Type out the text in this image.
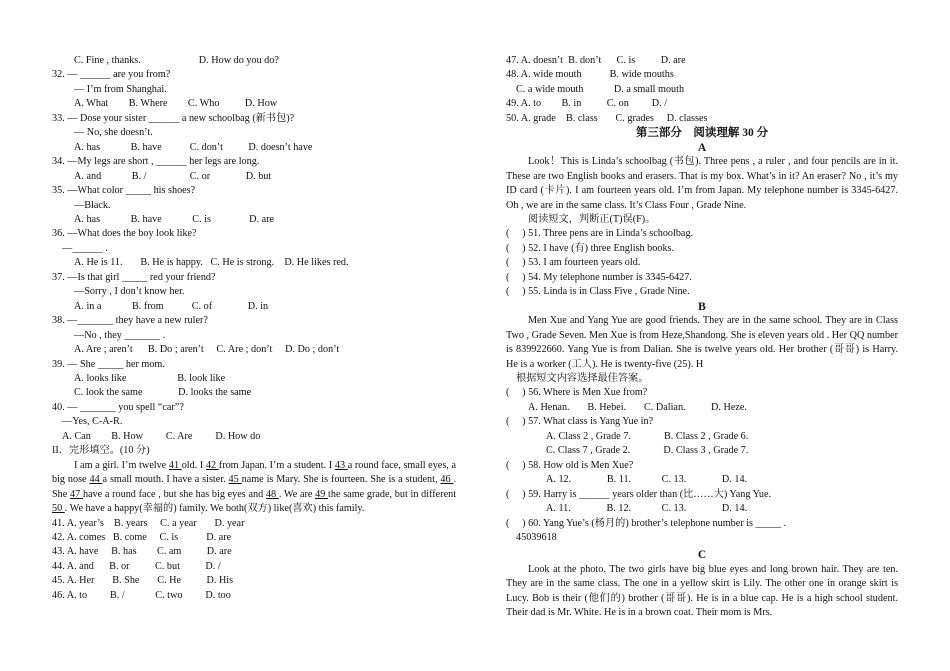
C. Fine , thanks.	D. How do you do?
32. — ______ are you from?
— I’m from Shanghai.
A. What        B. Where        C. Who          D. How
33. — Dose your sister ______ a new schoolbag (新书包)?
— No, she doesn’t.
A. has            B. have           C. don’t          D. doesn’t have
34. —My legs are short , ______ her legs are long.
A. and            B. /                 C. or              D. but
35. —What color _____ his shoes?
—Black.
A. has            B. have            C. is               D. are
36. —What does the boy look like?
—______ .
A. He is 11.       B. He is happy.   C. He is strong.    D. He likes red.
37. —Is that girl _____ red your friend?
—Sorry , I don’t know her.
A. in a            B. from           C. of              D. in
38. —_______ they have a new ruler?
—No , they _______ .
A. Are ; aren’t      B. Do ; aren’t     C. Are ; don’t     D. Do ; don’t
39. — She _____ her mom.
A. looks like                    B. look like
C. look the same              D. looks the same
40. — _______ you spell “car”?
—Yes, C-A-R.
A. Can        B. How         C. Are         D. How do
II．完形填空。(10 分)
I am a girl. I’m twelve 41 old. I 42 from Japan. I’m a student. I 43 a round face, small eyes, a big nose 44 a small mouth. I have a sister. 45 name is Mary. She is fourteen. She is a student, 46 . She 47 have a round face , but she has big eyes and 48 . We are 49 the same grade, but in different 50 . We have a happy(幸福的) family. We both(双方) like(喜欢) this family.
41. A. year’s    B. years     C. a year       D. year
42. A. comes   B. come     C. is           D. are
43. A. have     B. has        C. am          D. are
44. A. and      B. or          C. but          D. /
45. A. Her       B. She       C. He          D. His
46. A. to         B. /            C. two         D. too
47. A. doesn’t  B. don’t      C. is          D. are
48. A. wide mouth           B. wide mouths
C. a wide mouth            D. a small mouth
49. A. to        B. in          C. on         D. /
50. A. grade    B. class       C. grades     D. classes
第三部分　阅读理解 30 分
A
Look！This is Linda’s schoolbag (书包). Three pens , a ruler , and four pencils are in it. These are two English books and erasers. That is my box. What’s in it? An eraser? No , it’s my ID card (卡片). I am fourteen years old. I’m from Japan. My telephone number is 3345-6427. Oh , we are in the same class. It’s Class Four , Grade Nine.
阅读短文，判断正(T)误(F)。
(     ) 51. Three pens are in Linda’s schoolbag.
(     ) 52. I have (有) three English books.
(     ) 53. I am fourteen years old.
(     ) 54. My telephone number is 3345-6427.
(     ) 55. Linda is in Class Five , Grade Nine.
B
Men Xue and Yang Yue are good friends. They are in the same school. They are in Class Two , Grade Seven. Men Xue is from Heze,Shandong. She is eleven years old . Her QQ number is 839922660. Yang Yue is from Dalian. She is twelve years old. Her brother (哥哥) is Harry. He is a worker (工人). He is twenty-five (25). H
根据短文内容选择最佳答案。
(     ) 56. Where is Men Xue from?
A. Henan.       B. Hebei.       C. Dalian.          D. Heze.
(     ) 57. What class is Yang Yue in?
A. Class 2 , Grade 7.             B. Class 2 , Grade 6.
C. Class 7 , Grade 2.             D. Class 3 , Grade 7.
(     ) 58. How old is Men Xue?
A. 12.              B. 11.            C. 13.              D. 14.
(     ) 59. Harry is ______ years older than (比……大) Yang Yue.
A. 11.              B. 12.            C. 13.              D. 14.
(     ) 60. Yang Yue’s (杨月的) brother’s telephone number is _____ .
45039618
C
Look at the photo. The two girls have big blue eyes and long brown hair. They are ten. They are in the same class. The one in a yellow skirt is Lily. The other one in orange skirt is Lucy. Bob is their (他们的) brother (哥哥). He is in a blue cap. He is a high school student. Their dad is Mr. White. He is in a brown coat. Their mom is Mrs.
